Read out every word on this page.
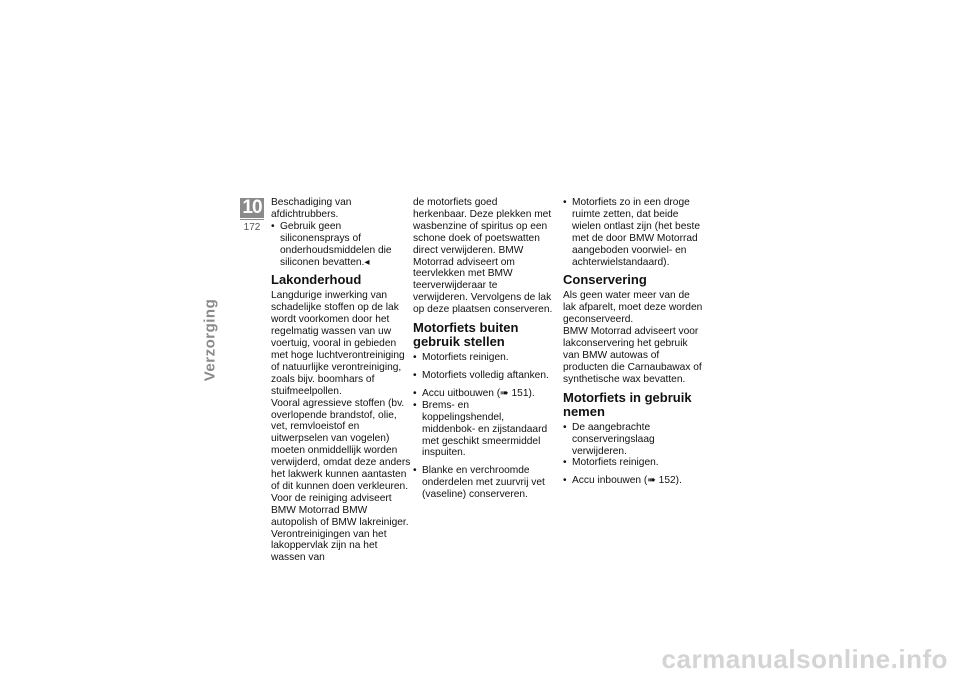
10
172
Verzorging

Beschadiging van afdichtrubbers.

• Gebruik geen siliconensprays of onderhoudsmiddelen die siliconen bevatten.◂

Lakonderhoud

Langdurige inwerking van schadelijke stoffen op de lak wordt voorkomen door het regelmatig wassen van uw voertuig, vooral in gebieden met hoge luchtverontreiniging of natuurlijke verontreiniging, zoals bijv. boomhars of stuifmeelpollen.

Vooral agressieve stoffen (bv. overlopende brandstof, olie, vet, remvloeistof en uitwerpselen van vogelen) moeten onmiddellijk worden verwijderd, omdat deze anders het lakwerk kunnen aantasten of dit kunnen doen verkleuren. Voor de reiniging adviseert BMW Motorrad BMW autopolish of BMW lakreiniger.

Verontreinigingen van het lakoppervlak zijn na het wassen van

de motorfiets goed herkenbaar. Deze plekken met wasbenzine of spiritus op een schone doek of poetswatten direct verwijderen. BMW Motorrad adviseert om teervlekken met BMW teerverwijderaar te verwijderen. Vervolgens de lak op deze plaatsen conserveren.

Motorfiets buiten gebruik stellen

• Motorfiets reinigen.

• Motorfiets volledig aftanken.

• Accu uitbouwen (➠ 151).

• Brems- en koppelingshendel, middenbok- en zijstandaard met geschikt smeermiddel inspuiten.

• Blanke en verchroomde onderdelen met zuurvrij vet (vaseline) conserveren.

• Motorfiets zo in een droge ruimte zetten, dat beide wielen ontlast zijn (het beste met de door BMW Motorrad aangeboden voorwiel- en achterwielstandaard).

Conservering

Als geen water meer van de lak afparelt, moet deze worden geconserveerd.

BMW Motorrad adviseert voor lakconservering het gebruik van BMW autowas of producten die Carnaubawax of synthetische wax bevatten.

Motorfiets in gebruik nemen

• De aangebrachte conserveringslaag verwijderen.

• Motorfiets reinigen.

• Accu inbouwen (➠ 152).

carmanualsonline.info
